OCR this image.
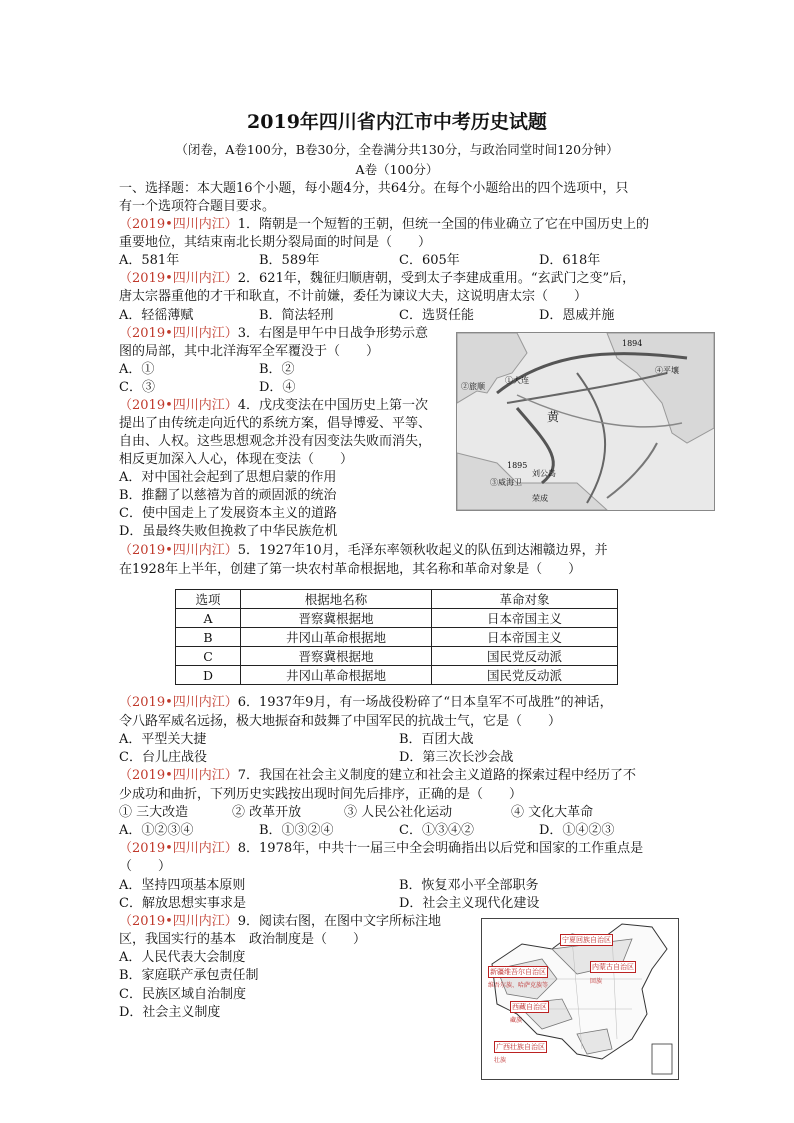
2019年四川省内江市中考历史试题
（闭卷，A卷100分，B卷30分，全卷满分共130分，与政治同堂时间120分钟）
A卷（100分）
一、选择题：本大题16个小题，每小题4分，共64分。在每个小题给出的四个选项中，只
有一个选项符合题目要求。
（2019•四川内江）1．隋朝是一个短暂的王朝，但统一全国的伟业确立了它在中国历史上的
重要地位，其结束南北长期分裂局面的时间是（　　）
A．581年	B．589年	C．605年	D．618年
（2019•四川内江）2．621年，魏征归顺唐朝，受到太子李建成重用。“玄武门之变”后，
唐太宗器重他的才干和耿直，不计前嫌，委任为谏议大夫，这说明唐太宗（　　）
A．轻徭薄赋	B．简法轻刑	C．选贤任能	D．恩威并施
（2019•四川内江）3．右图是甲午中日战争形势示意
图的局部，其中北洋海军全军覆没于（　　）
A．①	B．②
C．③	D．④
1894
1895
①大连
②旅顺
③威海卫
④平壤
黄
刘公岛
荣成
（2019•四川内江）4．戊戌变法在中国历史上第一次
提出了由传统走向近代的系统方案，倡导博爱、平等、
自由、人权。这些思想观念并没有因变法失败而消失，
相反更加深入人心，体现在变法（　　）
A．对中国社会起到了思想启蒙的作用
B．推翻了以慈禧为首的顽固派的统治
C．使中国走上了发展资本主义的道路
D．虽最终失败但挽救了中华民族危机
（2019•四川内江）5．1927年10月，毛泽东率领秋收起义的队伍到达湘赣边界，并
在1928年上半年，创建了第一块农村革命根据地，其名称和革命对象是（　　）
选项	根据地名称	革命对象
A	晋察冀根据地	日本帝国主义
B	井冈山革命根据地	日本帝国主义
C	晋察冀根据地	国民党反动派
D	井冈山革命根据地	国民党反动派
（2019•四川内江）6．1937年9月，有一场战役粉碎了“日本皇军不可战胜”的神话，
令八路军威名远扬，极大地振奋和鼓舞了中国军民的抗战士气，它是（　　）
A．平型关大捷	B．百团大战
C．台儿庄战役	D．第三次长沙会战
（2019•四川内江）7．我国在社会主义制度的建立和社会主义道路的探索过程中经历了不
少成功和曲折，下列历史实践按出现时间先后排序，正确的是（　　）
① 三大改造	② 改革开放	③ 人民公社化运动	④ 文化大革命
A．①②③④	B．①③②④	C．①③④②	D．①④②③
（2019•四川内江）8．1978年，中共十一届三中全会明确指出以后党和国家的工作重点是
（　　）
A．坚持四项基本原则	B．恢复邓小平全部职务
C．解放思想实事求是	D．社会主义现代化建设
（2019•四川内江）9．阅读右图，在图中文字所标注地
区，我国实行的基本　政治制度是（　　）
A．人民代表大会制度
B．家庭联产承包责任制
C．民族区域自治制度
D．社会主义制度
宁夏回族自治区
新疆维吾尔自治区
内蒙古自治区
西藏自治区
广西壮族自治区
维吾尔族、哈萨克族等
回族
藏族
壮族
